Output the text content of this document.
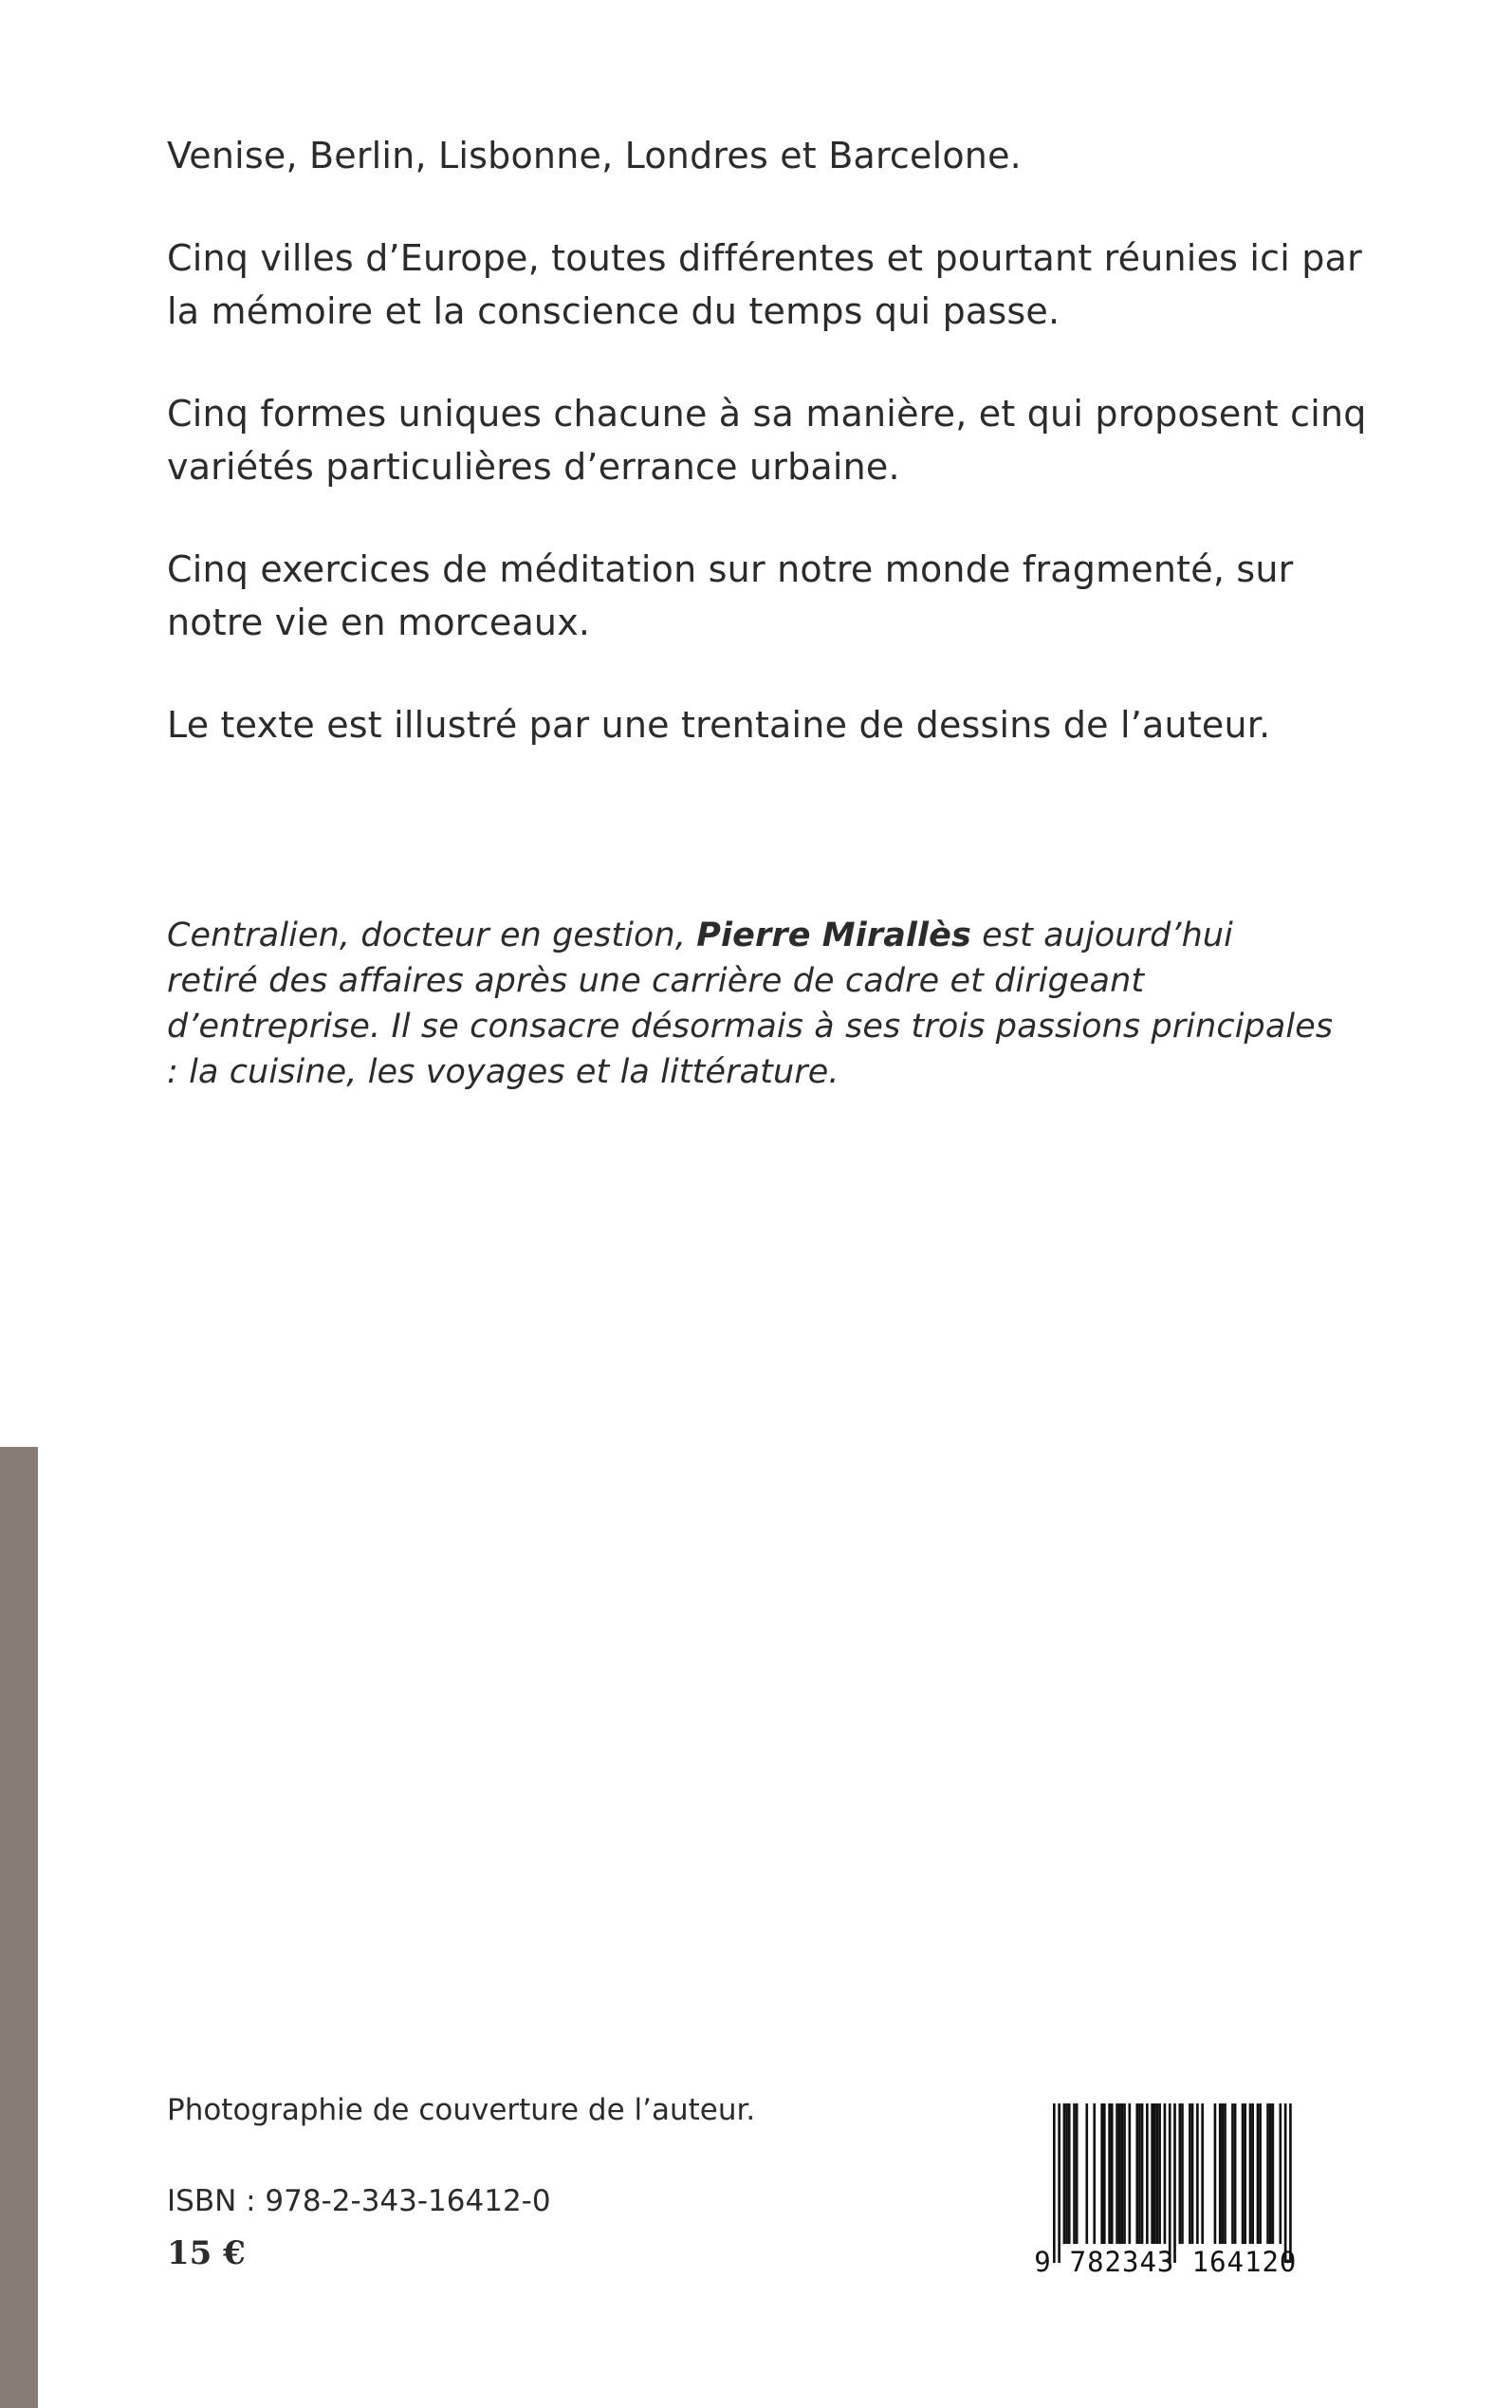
Venise, Berlin, Lisbonne, Londres et Barcelone.

Cinq villes d’Europe, toutes différentes et pourtant réunies ici par la mémoire et la conscience du temps qui passe.

Cinq formes uniques chacune à sa manière, et qui proposent cinq variétés particulières d’errance urbaine.

Cinq exercices de méditation sur notre monde fragmenté, sur notre vie en morceaux.

Le texte est illustré par une trentaine de dessins de l’auteur.

Centralien, docteur en gestion, Pierre Mirallès est aujourd’hui retiré des affaires après une carrière de cadre et dirigeant d’entreprise. Il se consacre désormais à ses trois passions principales : la cuisine, les voyages et la littérature.

Photographie de couverture de l’auteur.
ISBN : 978-2-343-16412-0
15 €	9 782343 164120
